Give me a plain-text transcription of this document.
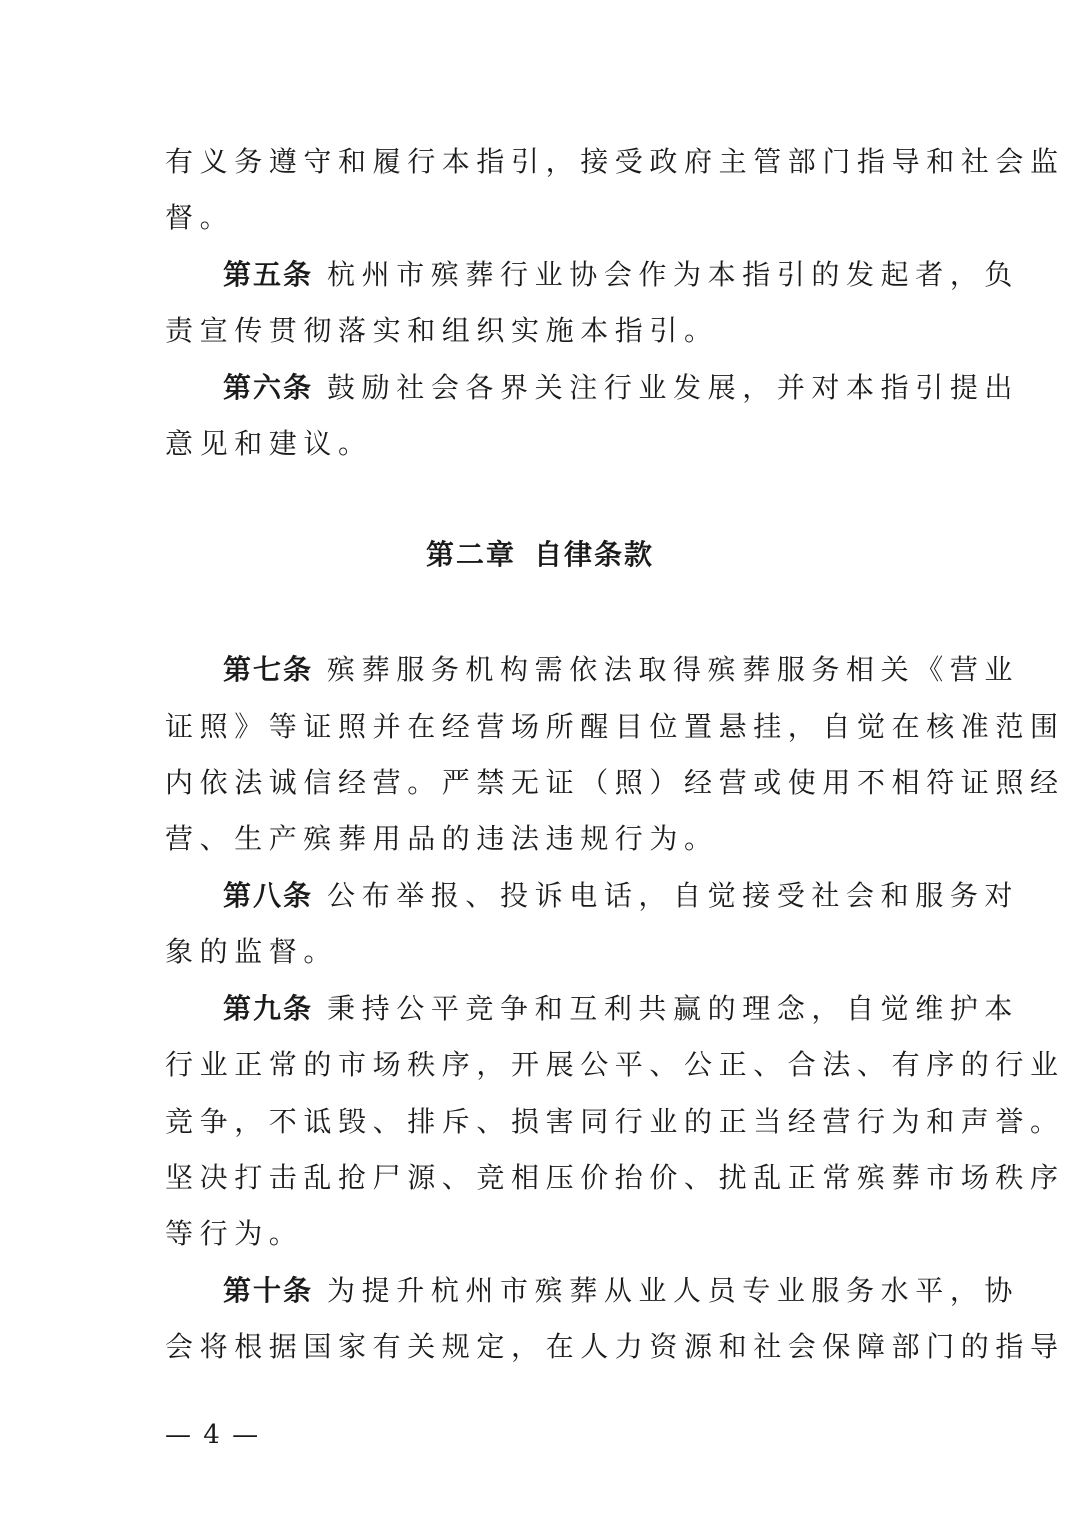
有义务遵守和履行本指引，接受政府主管部门指导和社会监
督。
第五条 杭州市殡葬行业协会作为本指引的发起者，负
责宣传贯彻落实和组织实施本指引。
第六条 鼓励社会各界关注行业发展，并对本指引提出
意见和建议。
第二章 自律条款
第七条 殡葬服务机构需依法取得殡葬服务相关《营业
证照》等证照并在经营场所醒目位置悬挂，自觉在核准范围
内依法诚信经营。严禁无证（照）经营或使用不相符证照经
营、生产殡葬用品的违法违规行为。
第八条 公布举报、投诉电话，自觉接受社会和服务对
象的监督。
第九条 秉持公平竞争和互利共赢的理念，自觉维护本
行业正常的市场秩序，开展公平、公正、合法、有序的行业
竞争，不诋毁、排斥、损害同行业的正当经营行为和声誉。
坚决打击乱抢尸源、竞相压价抬价、扰乱正常殡葬市场秩序
等行为。
第十条 为提升杭州市殡葬从业人员专业服务水平，协
会将根据国家有关规定，在人力资源和社会保障部门的指导
— 4 —
